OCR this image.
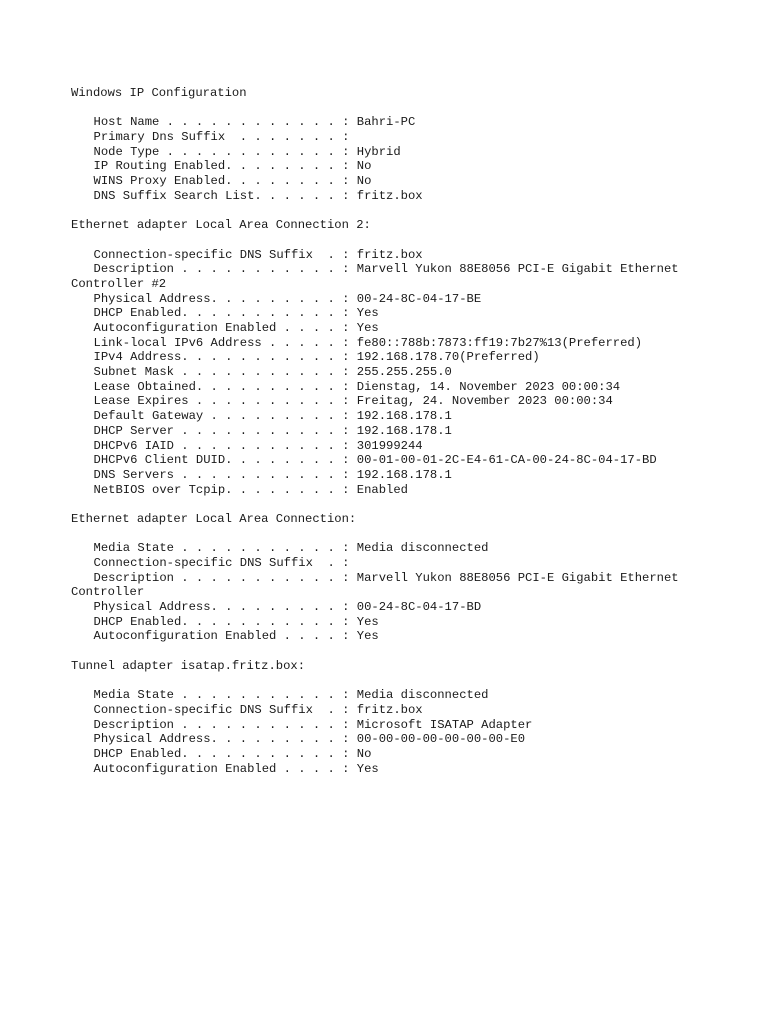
Windows IP Configuration
Host Name . . . . . . . . . . . . : Bahri-PC
Primary Dns Suffix  . . . . . . . :
Node Type . . . . . . . . . . . . : Hybrid
IP Routing Enabled. . . . . . . . : No
WINS Proxy Enabled. . . . . . . . : No
DNS Suffix Search List. . . . . . : fritz.box
Ethernet adapter Local Area Connection 2:
Connection-specific DNS Suffix  . : fritz.box
Description . . . . . . . . . . . : Marvell Yukon 88E8056 PCI-E Gigabit Ethernet
Controller #2
Physical Address. . . . . . . . . : 00-24-8C-04-17-BE
DHCP Enabled. . . . . . . . . . . : Yes
Autoconfiguration Enabled . . . . : Yes
Link-local IPv6 Address . . . . . : fe80::788b:7873:ff19:7b27%13(Preferred)
IPv4 Address. . . . . . . . . . . : 192.168.178.70(Preferred)
Subnet Mask . . . . . . . . . . . : 255.255.255.0
Lease Obtained. . . . . . . . . . : Dienstag, 14. November 2023 00:00:34
Lease Expires . . . . . . . . . . : Freitag, 24. November 2023 00:00:34
Default Gateway . . . . . . . . . : 192.168.178.1
DHCP Server . . . . . . . . . . . : 192.168.178.1
DHCPv6 IAID . . . . . . . . . . . : 301999244
DHCPv6 Client DUID. . . . . . . . : 00-01-00-01-2C-E4-61-CA-00-24-8C-04-17-BD
DNS Servers . . . . . . . . . . . : 192.168.178.1
NetBIOS over Tcpip. . . . . . . . : Enabled
Ethernet adapter Local Area Connection:
Media State . . . . . . . . . . . : Media disconnected
Connection-specific DNS Suffix  . :
Description . . . . . . . . . . . : Marvell Yukon 88E8056 PCI-E Gigabit Ethernet
Controller
Physical Address. . . . . . . . . : 00-24-8C-04-17-BD
DHCP Enabled. . . . . . . . . . . : Yes
Autoconfiguration Enabled . . . . : Yes
Tunnel adapter isatap.fritz.box:
Media State . . . . . . . . . . . : Media disconnected
Connection-specific DNS Suffix  . : fritz.box
Description . . . . . . . . . . . : Microsoft ISATAP Adapter
Physical Address. . . . . . . . . : 00-00-00-00-00-00-00-E0
DHCP Enabled. . . . . . . . . . . : No
Autoconfiguration Enabled . . . . : Yes
